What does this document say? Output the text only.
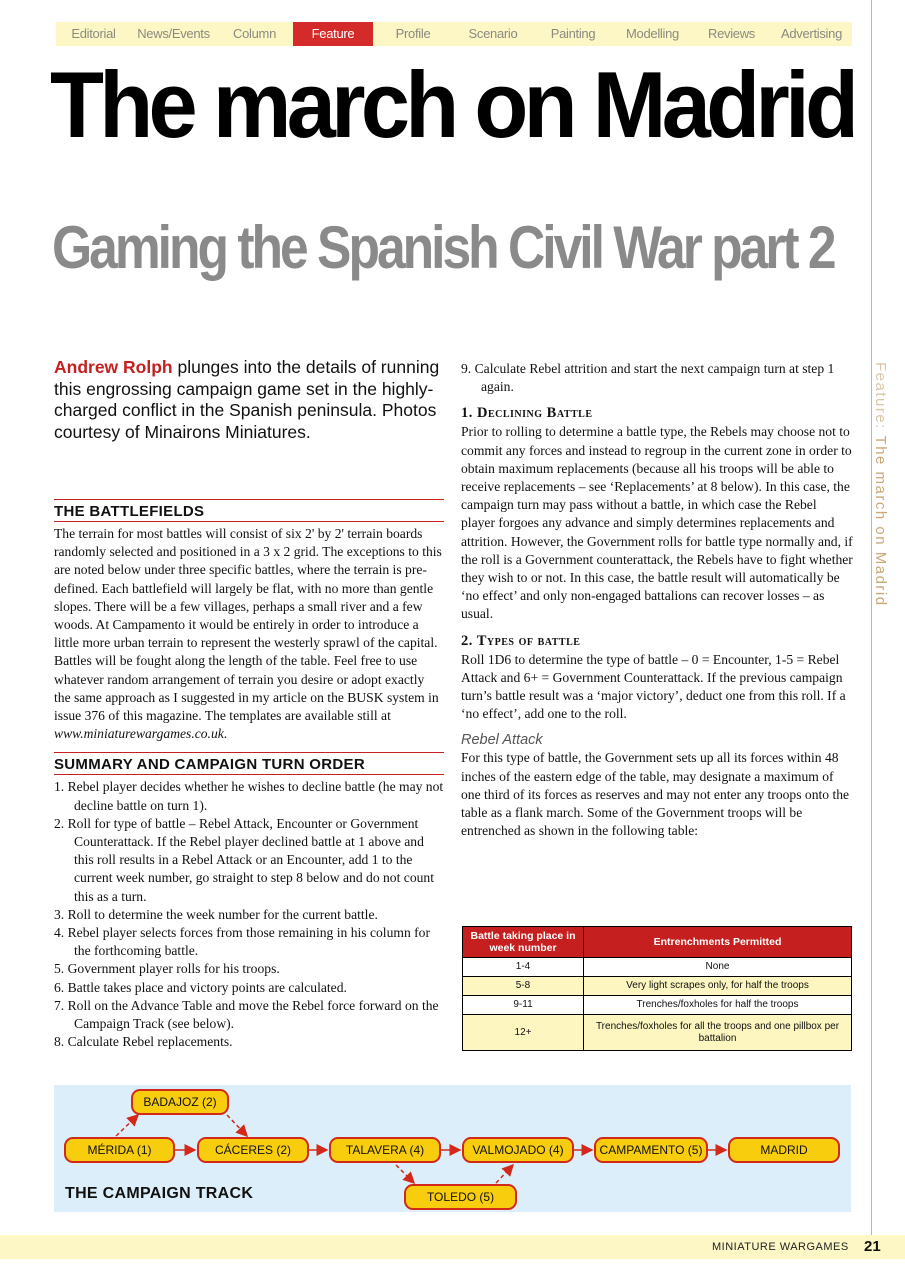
Editorial	News/Events	Column	Feature	Profile	Scenario	Painting	Modelling	Reviews	Advertising
The march on Madrid
Gaming the Spanish Civil War part 2
Feature: The march on Madrid
Andrew Rolph plunges into the details of running this engrossing campaign game set in the highly-charged conflict in the Spanish peninsula. Photos courtesy of Minairons Miniatures.
THE BATTLEFIELDS

The terrain for most battles will consist of six 2' by 2' terrain boards randomly selected and positioned in a 3 x 2 grid. The exceptions to this are noted below under three specific battles, where the terrain is pre-defined. Each battlefield will largely be flat, with no more than gentle slopes. There will be a few villages, perhaps a small river and a few woods. At Campamento it would be entirely in order to introduce a little more urban terrain to represent the westerly sprawl of the capital. Battles will be fought along the length of the table. Feel free to use whatever random arrangement of terrain you desire or adopt exactly the same approach as I suggested in my article on the BUSK system in issue 376 of this magazine. The templates are available still at www.miniaturewargames.co.uk.

SUMMARY AND CAMPAIGN TURN ORDER
1. Rebel player decides whether he wishes to decline battle (he may not decline battle on turn 1).
2. Roll for type of battle – Rebel Attack, Encounter or Government Counterattack. If the Rebel player declined battle at 1 above and this roll results in a Rebel Attack or an Encounter, add 1 to the current week number, go straight to step 8 below and do not count this as a turn.
3. Roll to determine the week number for the current battle.
4. Rebel player selects forces from those remaining in his column for the forthcoming battle.
5. Government player rolls for his troops.
6. Battle takes place and victory points are calculated.
7. Roll on the Advance Table and move the Rebel force forward on the Campaign Track (see below).
8. Calculate Rebel replacements.
9. Calculate Rebel attrition and start the next campaign turn at step 1 again.
1. Declining Battle

Prior to rolling to determine a battle type, the Rebels may choose not to commit any forces and instead to regroup in the current zone in order to obtain maximum replacements (because all his troops will be able to receive replacements – see ‘Replacements’ at 8 below). In this case, the campaign turn may pass without a battle, in which case the Rebel player forgoes any advance and simply determines replacements and attrition. However, the Government rolls for battle type normally and, if the roll is a Government counterattack, the Rebels have to fight whether they wish to or not. In this case, the battle result will automatically be ‘no effect’ and only non-engaged battalions can recover losses – as usual.

2. Types of battle

Roll 1D6 to determine the type of battle – 0 = Encounter, 1-5 = Rebel Attack and 6+ = Government Counterattack. If the previous campaign turn’s battle result was a ‘major victory’, deduct one from this roll. If a ‘no effect’, add one to the roll.

Rebel Attack

For this type of battle, the Government sets up all its forces within 48 inches of the eastern edge of the table, may designate a maximum of one third of its forces as reserves and may not enter any troops onto the table as a flank march. Some of the Government troops will be entrenched as shown in the following table:

Battle taking place in week number	Entrenchments Permitted
1-4	None
5-8	Very light scrapes only, for half the troops
9-11	Trenches/foxholes for half the troops
12+	Trenches/foxholes for all the troops and one pillbox per battalion
BADAJOZ (2)
MÉRIDA (1)	CÁCERES (2)	TALAVERA (4)	VALMOJADO (4)	CAMPAMENTO (5)	MADRID
TOLEDO (5)
THE CAMPAIGN TRACK
MINIATURE WARGAMES 21
